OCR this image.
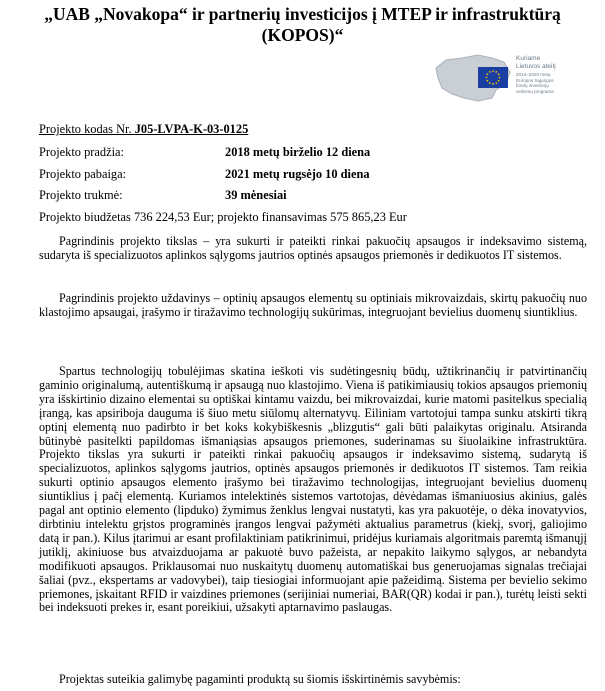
„UAB „Novakopa“ ir partnerių investicijos į MTEP ir infrastruktūrą
(KOPOS)“
Kuriame
Lietuvos ateitį
2014–2020 metų
Europos Sąjungos
fondų investicijų
veiksmų programa
Projekto kodas Nr. J05-LVPA-K-03-0125
Projekto pradžia:	2018 metų birželio 12 diena
Projekto pabaiga:	2021 metų rugsėjo 10 diena
Projekto trukmė:	39 mėnesiai
Projekto biudžetas 736 224,53 Eur; projekto finansavimas 575 865,23 Eur

Pagrindinis projekto tikslas – yra sukurti ir pateikti rinkai pakuočių apsaugos ir indeksavimo sistemą, sudaryta iš specializuotos aplinkos sąlygoms jautrios optinės apsaugos priemonės ir dedikuotos IT sistemos.

Pagrindinis projekto uždavinys – optinių apsaugos elementų su optiniais mikrovaizdais, skirtų pakuočių nuo klastojimo apsaugai, įrašymo ir tiražavimo technologijų sukūrimas, integruojant bevielius duomenų siuntiklius.

Spartus technologijų tobulėjimas skatina ieškoti vis sudėtingesnių būdų, užtikrinančių ir patvirtinančių gaminio originalumą, autentiškumą ir apsaugą nuo klastojimo. Viena iš patikimiausių tokios apsaugos priemonių yra išskirtinio dizaino elementai su optiškai kintamu vaizdu, bei mikrovaizdai, kurie matomi pasitelkus specialią įrangą, kas apsiriboja dauguma iš šiuo metu siūlomų alternatyvų. Eiliniam vartotojui tampa sunku atskirti tikrą optinį elementą nuo padirbto ir bet koks kokybiškesnis „blizgutis“ gali būti palaikytas originalu. Atsiranda būtinybė pasitelkti papildomas išmaniąsias apsaugos priemones, suderinamas su šiuolaikine infrastruktūra. Projekto tikslas yra sukurti ir pateikti rinkai pakuočių apsaugos ir indeksavimo sistemą, sudarytą iš specializuotos, aplinkos sąlygoms jautrios, optinės apsaugos priemonės ir dedikuotos IT sistemos. Tam reikia sukurti optinio apsaugos elemento įrašymo bei tiražavimo technologijas, integruojant bevielius duomenų siuntiklius į pačį elementą. Kuriamos intelektinės sistemos vartotojas, dėvėdamas išmaniuosius akinius, galės pagal ant optinio elemento (lipduko) žymimus ženklus lengvai nustatyti, kas yra pakuotėje, o dėka inovatyvios, dirbtiniu intelektu grįstos programinės įrangos lengvai pažymėti aktualius parametrus (kiekį, svorį, galiojimo datą ir pan.). Kilus įtarimui ar esant profilaktiniam patikrinimui, pridėjus kuriamais algoritmais paremtą išmanųjį jutiklį, akiniuose bus atvaizduojama ar pakuotė buvo pažeista, ar nepakito laikymo sąlygos, ar nebandyta modifikuoti apsaugos. Priklausomai nuo nuskaitytų duomenų automatiškai bus generuojamas signalas trečiajai šaliai (pvz., ekspertams ar vadovybei), taip tiesiogiai informuojant apie pažeidimą. Sistema per bevielio sekimo priemones, įskaitant RFID ir vaizdines priemones (serijiniai numeriai, BAR(QR) kodai ir pan.), turėtų leisti sekti bei indeksuoti prekes ir, esant poreikiui, užsakyti aptarnavimo paslaugas.

Projektas suteikia galimybę pagaminti produktą su šiomis išskirtinėmis savybėmis:
